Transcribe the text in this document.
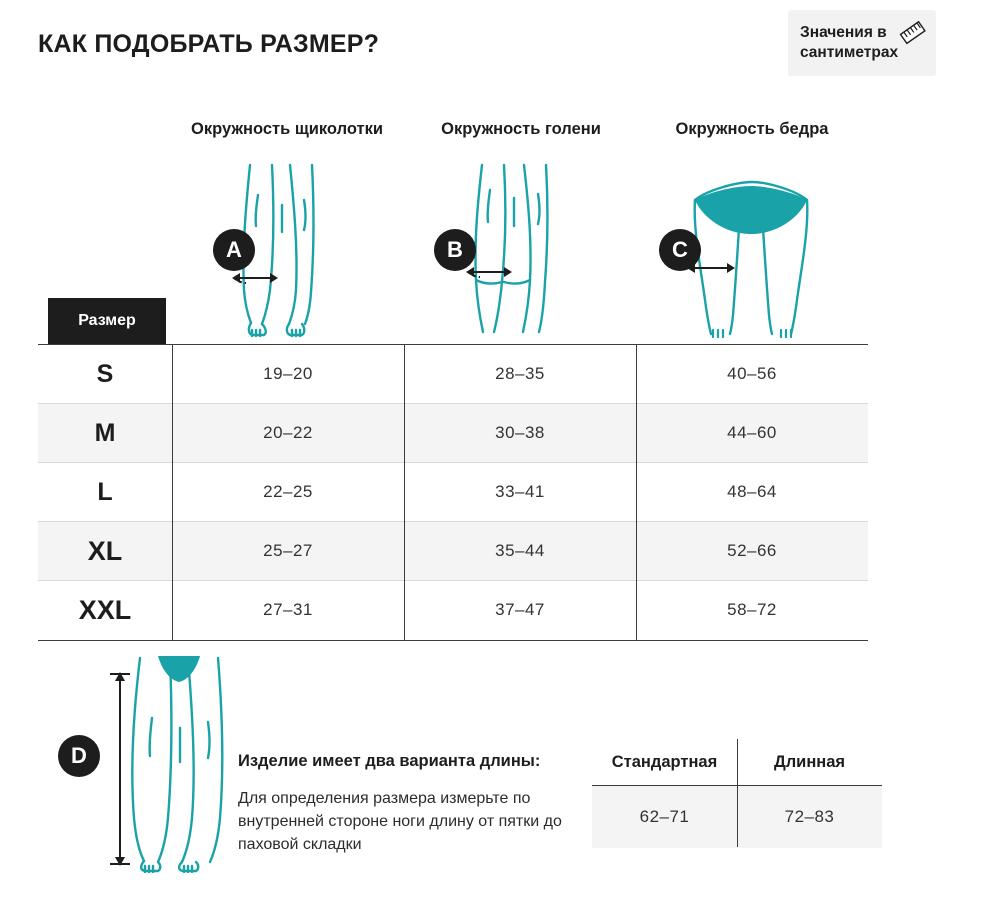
КАК ПОДОБРАТЬ РАЗМЕР?	Значения в сантиметрах
Окружность щиколотки	Окружность голени	Окружность бедра
A	B	C
Размер
S	19–20	28–35	40–56
M	20–22	30–38	44–60
L	22–25	33–41	48–64
XL	25–27	35–44	52–66
XXL	27–31	37–47	58–72
D	Изделие имеет два варианта длины:
Для определения размера измерьте по внутренней стороне ноги длину от пятки до паховой складки
Стандартная	Длинная
62–71	72–83
